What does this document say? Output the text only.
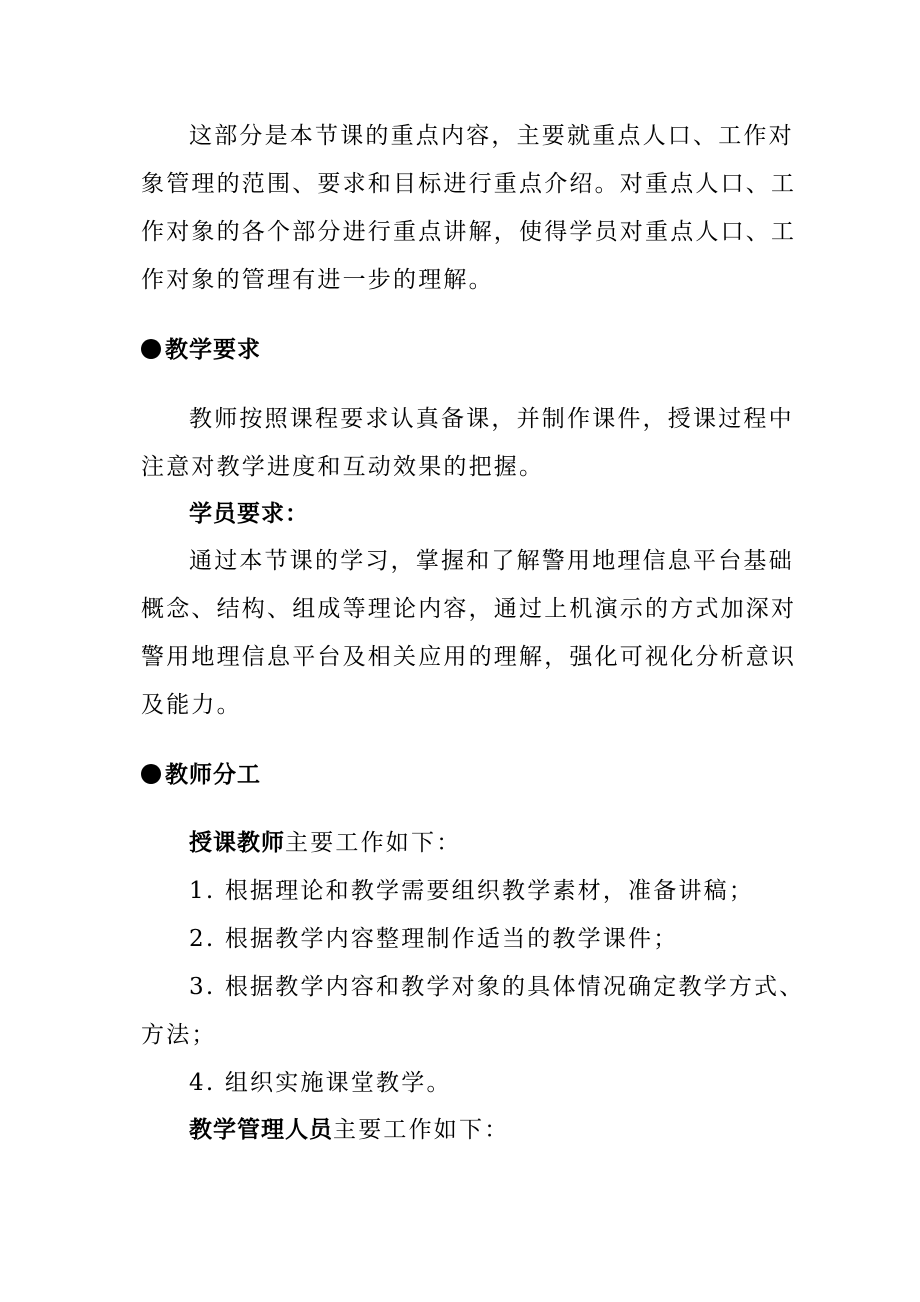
这部分是本节课的重点内容，主要就重点人口、工作对
象管理的范围、要求和目标进行重点介绍。对重点人口、工
作对象的各个部分进行重点讲解，使得学员对重点人口、工
作对象的管理有进一步的理解。
教学要求
教师按照课程要求认真备课，并制作课件，授课过程中
注意对教学进度和互动效果的把握。
学员要求：
通过本节课的学习，掌握和了解警用地理信息平台基础
概念、结构、组成等理论内容，通过上机演示的方式加深对
警用地理信息平台及相关应用的理解，强化可视化分析意识
及能力。
教师分工
授课教师主要工作如下：
1. 根据理论和教学需要组织教学素材，准备讲稿；
2. 根据教学内容整理制作适当的教学课件；
3. 根据教学内容和教学对象的具体情况确定教学方式、
方法；
4. 组织实施课堂教学。
教学管理人员主要工作如下：
